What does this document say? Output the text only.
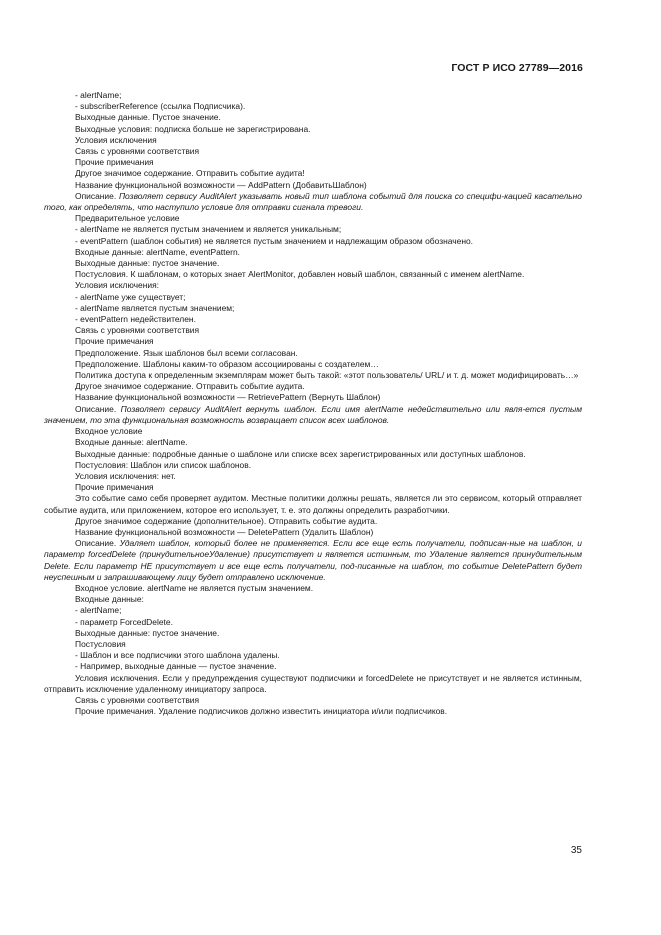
ГОСТ Р ИСО 27789—2016

- alertName;

- subscriberReference (ссылка Подписчика).

Выходные данные. Пустое значение.

Выходные условия: подписка больше не зарегистрирована.

Условия исключения

Связь с уровнями соответствия

Прочие примечания

Другое значимое содержание. Отправить событие аудита!

Название функциональной возможности — AddPattern (ДобавитьШаблон)

Описание. Позволяет сервису AuditAlert указывать новый тип шаблона событий для поиска со специфи-кацией касательно того, как определять, что наступило условие для отправки сигнала тревоги.

Предварительное условие

- alertName не является пустым значением и является уникальным;

- eventPattern (шаблон события) не является пустым значением и надлежащим образом обозначено.

Входные данные: alertName, eventPattern.

Выходные данные: пустое значение.

Постусловия. К шаблонам, о которых знает AlertMonitor, добавлен новый шаблон, связанный с именем alertName.

Условия исключения:

- alertName уже существует;

- alertName является пустым значением;

- eventPattern недействителен.

Связь с уровнями соответствия

Прочие примечания

Предположение. Язык шаблонов был всеми согласован.

Предположение. Шаблоны каким-то образом ассоциированы с создателем…

Политика доступа к определенным экземплярам может быть такой: «этот пользователь/ URL/ и т. д. может модифицировать…»

Другое значимое содержание. Отправить событие аудита.

Название функциональной возможности — RetrievePattern (Вернуть Шаблон)

Описание. Позволяет сервису AuditAlert вернуть шаблон. Если имя alertName недействительно или явля-ется пустым значением, то эта функциональная возможность возвращает список всех шаблонов.

Входное условие

Входные данные: alertName.

Выходные данные: подробные данные о шаблоне или списке всех зарегистрированных или доступных шаблонов.

Постусловия: Шаблон или список шаблонов.

Условия исключения: нет.

Прочие примечания

Это событие само себя проверяет аудитом. Местные политики должны решать, является ли это сервисом, который отправляет событие аудита, или приложением, которое его использует, т. е. это должны определить разработчики.

Другое значимое содержание (дополнительное). Отправить событие аудита.

Название функциональной возможности — DeletePattern (Удалить Шаблон)

Описание. Удаляет шаблон, который более не применяется. Если все еще есть получатели, подписан-ные на шаблон, и параметр forcedDelete (принудительноеУдаление) присутствует и является истинным, то Удаление является принудительным Delete. Если параметр НЕ присутствует и все еще есть получатели, под-писанные на шаблон, то событие DeletePattern будет неуспешным и запрашивающему лицу будет отправлено исключение.

Входное условие. alertName не является пустым значением.

Входные данные:

- alertName;

- параметр ForcedDelete.

Выходные данные: пустое значение.

Постусловия

- Шаблон и все подписчики этого шаблона удалены.

- Например, выходные данные — пустое значение.

Условия исключения. Если у предупреждения существуют подписчики и forcedDelete не присутствует и не является истинным, отправить исключение удаленному инициатору запроса.

Связь с уровнями соответствия

Прочие примечания. Удаление подписчиков должно известить инициатора и/или подписчиков.

35
